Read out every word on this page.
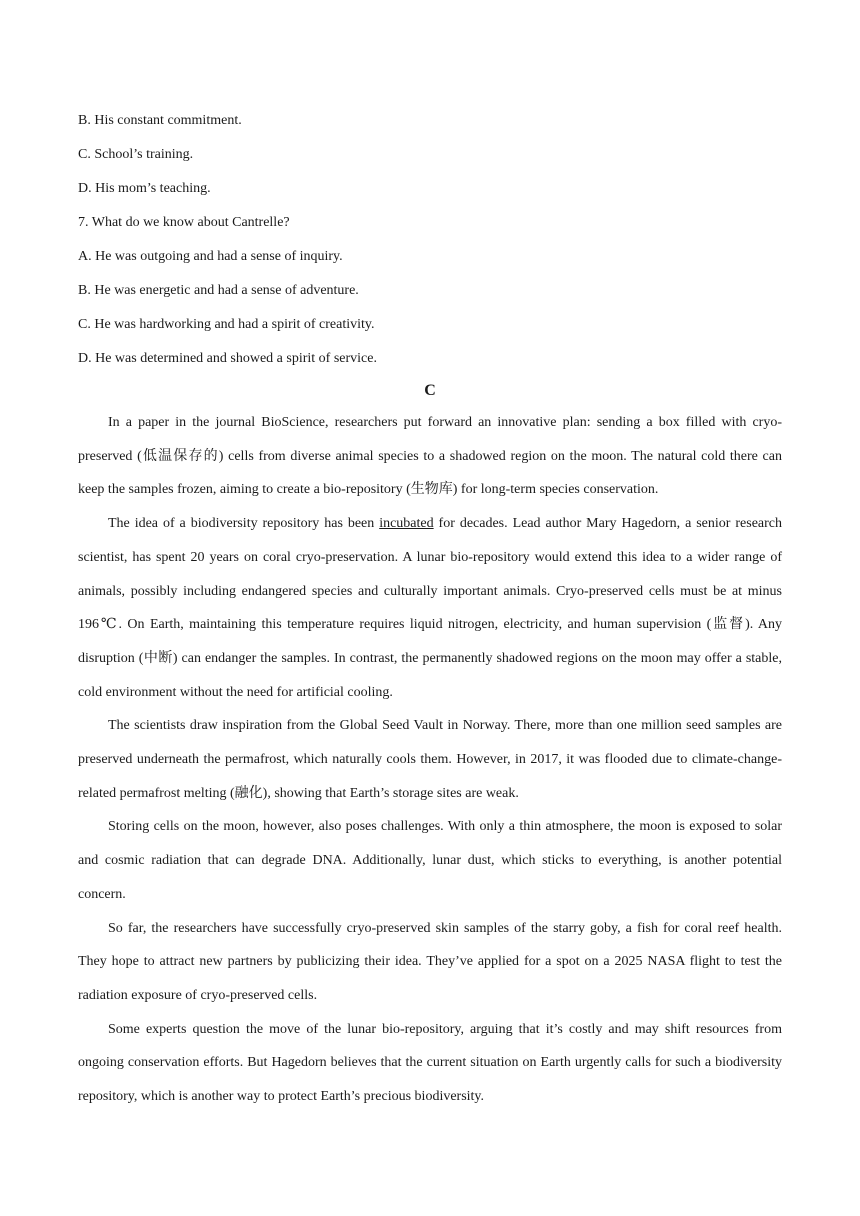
B. His constant commitment.

C. School’s training.

D. His mom’s teaching.

7. What do we know about Cantrelle?

A. He was outgoing and had a sense of inquiry.

B. He was energetic and had a sense of adventure.

C. He was hardworking and had a spirit of creativity.

D. He was determined and showed a spirit of service.

C

In a paper in the journal BioScience, researchers put forward an innovative plan: sending a box filled with cryo-preserved (低温保存的) cells from diverse animal species to a shadowed region on the moon. The natural cold there can keep the samples frozen, aiming to create a bio-repository (生物库) for long-term species conservation.

The idea of a biodiversity repository has been incubated for decades. Lead author Mary Hagedorn, a senior research scientist, has spent 20 years on coral cryo-preservation. A lunar bio-repository would extend this idea to a wider range of animals, possibly including endangered species and culturally important animals. Cryo-preserved cells must be at minus 196℃. On Earth, maintaining this temperature requires liquid nitrogen, electricity, and human supervision (监督). Any disruption (中断) can endanger the samples. In contrast, the permanently shadowed regions on the moon may offer a stable, cold environment without the need for artificial cooling.

The scientists draw inspiration from the Global Seed Vault in Norway. There, more than one million seed samples are preserved underneath the permafrost, which naturally cools them. However, in 2017, it was flooded due to climate-change-related permafrost melting (融化), showing that Earth’s storage sites are weak.

Storing cells on the moon, however, also poses challenges. With only a thin atmosphere, the moon is exposed to solar and cosmic radiation that can degrade DNA. Additionally, lunar dust, which sticks to everything, is another potential concern.

So far, the researchers have successfully cryo-preserved skin samples of the starry goby, a fish for coral reef health. They hope to attract new partners by publicizing their idea. They’ve applied for a spot on a 2025 NASA flight to test the radiation exposure of cryo-preserved cells.

Some experts question the move of the lunar bio-repository, arguing that it’s costly and may shift resources from ongoing conservation efforts. But Hagedorn believes that the current situation on Earth urgently calls for such a biodiversity repository, which is another way to protect Earth’s precious biodiversity.
